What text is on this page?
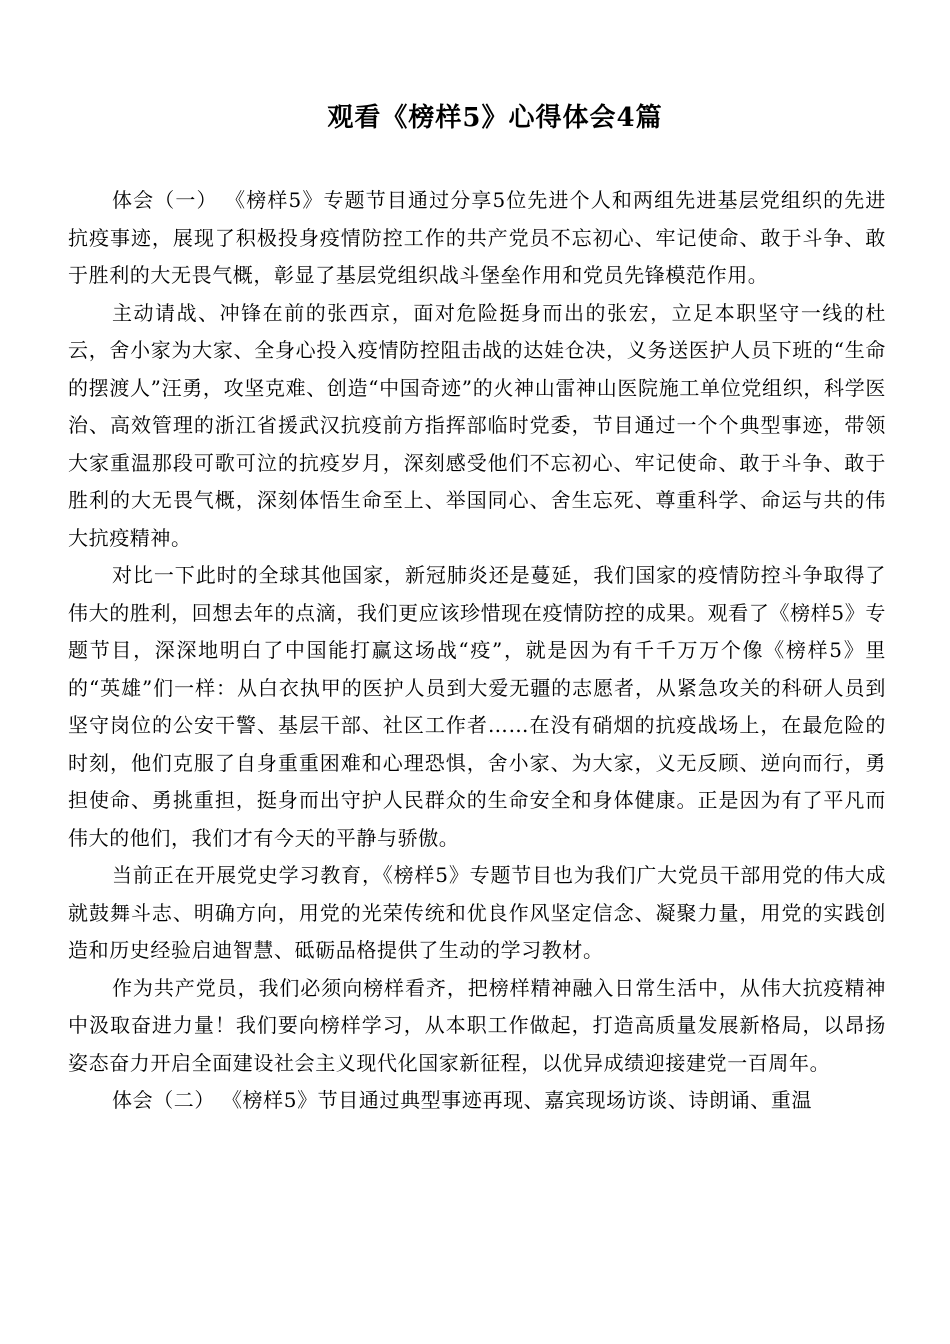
观看《榜样5》心得体会4篇

体会（一） 《榜样5》专题节目通过分享5位先进个人和两组先进基层党组织的先进抗疫事迹，展现了积极投身疫情防控工作的共产党员不忘初心、牢记使命、敢于斗争、敢于胜利的大无畏气概，彰显了基层党组织战斗堡垒作用和党员先锋模范作用。

主动请战、冲锋在前的张西京，面对危险挺身而出的张宏，立足本职坚守一线的杜云，舍小家为大家、全身心投入疫情防控阻击战的达娃仓决，义务送医护人员下班的“生命的摆渡人”汪勇，攻坚克难、创造“中国奇迹”的火神山雷神山医院施工单位党组织，科学医治、高效管理的浙江省援武汉抗疫前方指挥部临时党委，节目通过一个个典型事迹，带领大家重温那段可歌可泣的抗疫岁月，深刻感受他们不忘初心、牢记使命、敢于斗争、敢于胜利的大无畏气概，深刻体悟生命至上、举国同心、舍生忘死、尊重科学、命运与共的伟大抗疫精神。

对比一下此时的全球其他国家，新冠肺炎还是蔓延，我们国家的疫情防控斗争取得了伟大的胜利，回想去年的点滴，我们更应该珍惜现在疫情防控的成果。观看了《榜样5》专题节目，深深地明白了中国能打赢这场战“疫”，就是因为有千千万万个像《榜样5》里的“英雄”们一样：从白衣执甲的医护人员到大爱无疆的志愿者，从紧急攻关的科研人员到坚守岗位的公安干警、基层干部、社区工作者……在没有硝烟的抗疫战场上，在最危险的时刻，他们克服了自身重重困难和心理恐惧，舍小家、为大家，义无反顾、逆向而行，勇担使命、勇挑重担，挺身而出守护人民群众的生命安全和身体健康。正是因为有了平凡而伟大的他们，我们才有今天的平静与骄傲。

当前正在开展党史学习教育，《榜样5》专题节目也为我们广大党员干部用党的伟大成就鼓舞斗志、明确方向，用党的光荣传统和优良作风坚定信念、凝聚力量，用党的实践创造和历史经验启迪智慧、砥砺品格提供了生动的学习教材。

作为共产党员，我们必须向榜样看齐，把榜样精神融入日常生活中，从伟大抗疫精神中汲取奋进力量！我们要向榜样学习，从本职工作做起，打造高质量发展新格局，以昂扬姿态奋力开启全面建设社会主义现代化国家新征程，以优异成绩迎接建党一百周年。

体会（二） 《榜样5》节目通过典型事迹再现、嘉宾现场访谈、诗朗诵、重温
